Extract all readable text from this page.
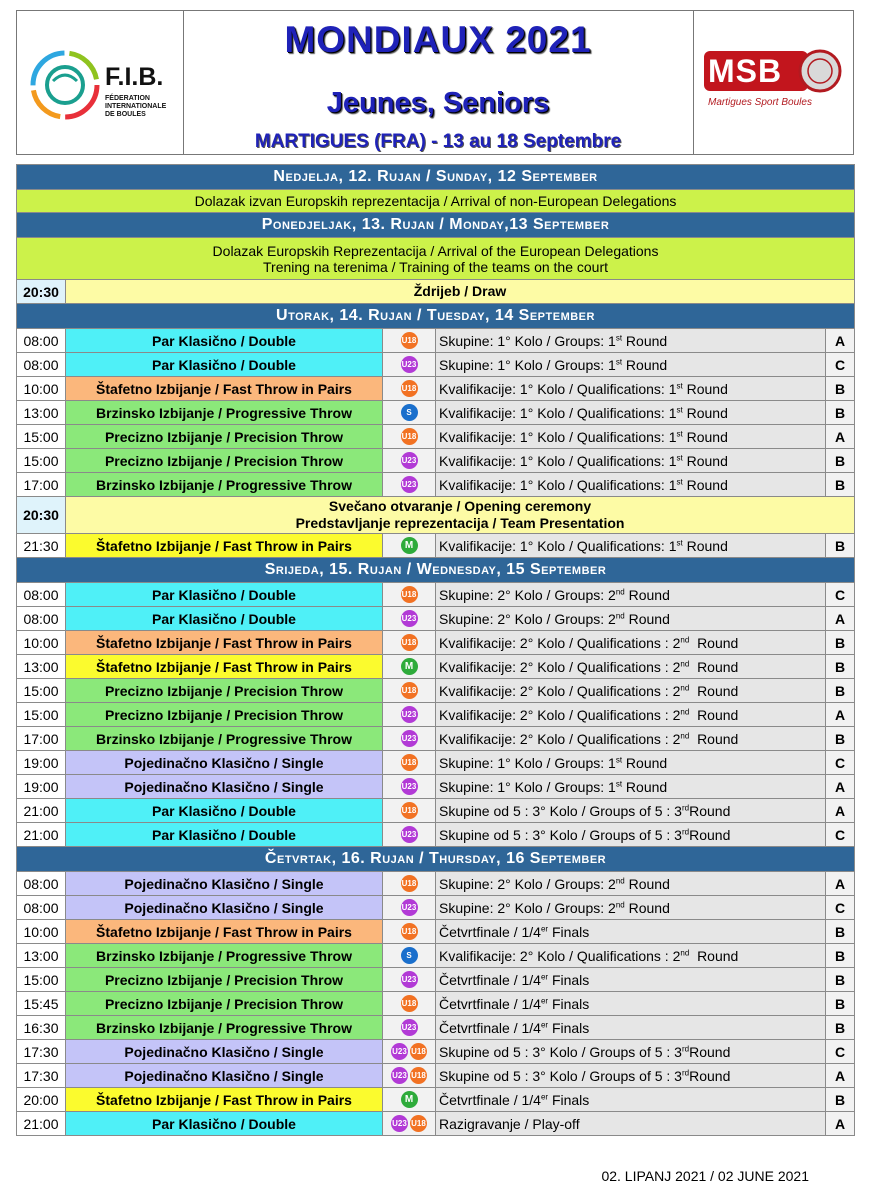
F.I.B.
FÉDERATION
INTERNATIONALE
DE BOULES
MONDIAUX 2021
Jeunes, Seniors
MARTIGUES (FRA) - 13 au 18 Septembre
MSB
Martigues Sport Boules
Nedjelja, 12. Rujan / Sunday, 12 September				

Dolazak izvan Europskih reprezentacija / Arrival of non-European Delegations				

Ponedjeljak, 13. Rujan / Monday,13 September				

Dolazak Europskih Reprezentacija / Arrival of the European Delegations
Trening na terenima / Training of the teams on the court				

20:30	Ždrijeb / Draw			

Utorak, 14. Rujan / Tuesday, 14 September				
08:00	Par Klasično / Double	U18	Skupine: 1° Kolo / Groups: 1st Round	A
08:00	Par Klasično / Double	U23	Skupine: 1° Kolo / Groups: 1st Round	C
10:00	Štafetno Izbijanje / Fast Throw in Pairs	U18	Kvalifikacije: 1° Kolo / Qualifications: 1st Round	B
13:00	Brzinsko Izbijanje / Progressive Throw	S	Kvalifikacije: 1° Kolo / Qualifications: 1st Round	B
15:00	Precizno Izbijanje / Precision Throw	U18	Kvalifikacije: 1° Kolo / Qualifications: 1st Round	A
15:00	Precizno Izbijanje / Precision Throw	U23	Kvalifikacije: 1° Kolo / Qualifications: 1st Round	B
17:00	Brzinsko Izbijanje / Progressive Throw	U23	Kvalifikacije: 1° Kolo / Qualifications: 1st Round	B
20:30	Svečano otvaranje / Opening ceremony
Predstavljanje reprezentacija / Team Presentation			

21:30	Štafetno Izbijanje / Fast Throw in Pairs	M	Kvalifikacije: 1° Kolo / Qualifications: 1st Round	B
Srijeda, 15. Rujan / Wednesday, 15 September				
08:00	Par Klasično / Double	U18	Skupine: 2° Kolo / Groups: 2nd Round	C
08:00	Par Klasično / Double	U23	Skupine: 2° Kolo / Groups: 2nd Round	A
10:00	Štafetno Izbijanje / Fast Throw in Pairs	U18	Kvalifikacije: 2° Kolo / Qualifications : 2nd  Round	B
13:00	Štafetno Izbijanje / Fast Throw in Pairs	M	Kvalifikacije: 2° Kolo / Qualifications : 2nd  Round	B
15:00	Precizno Izbijanje / Precision Throw	U18	Kvalifikacije: 2° Kolo / Qualifications : 2nd  Round	B
15:00	Precizno Izbijanje / Precision Throw	U23	Kvalifikacije: 2° Kolo / Qualifications : 2nd  Round	A
17:00	Brzinsko Izbijanje / Progressive Throw	U23	Kvalifikacije: 2° Kolo / Qualifications : 2nd  Round	B
19:00	Pojedinačno Klasično / Single	U18	Skupine: 1° Kolo / Groups: 1st Round	C
19:00	Pojedinačno Klasično / Single	U23	Skupine: 1° Kolo / Groups: 1st Round	A
21:00	Par Klasično / Double	U18	Skupine od 5 : 3° Kolo / Groups of 5 : 3rdRound	A
21:00	Par Klasično / Double	U23	Skupine od 5 : 3° Kolo / Groups of 5 : 3rdRound	C
Četvrtak, 16. Rujan / Thursday, 16 September				
08:00	Pojedinačno Klasično / Single	U18	Skupine: 2° Kolo / Groups: 2nd Round	A
08:00	Pojedinačno Klasično / Single	U23	Skupine: 2° Kolo / Groups: 2nd Round	C
10:00	Štafetno Izbijanje / Fast Throw in Pairs	U18	Četvrtfinale / 1/4er Finals	B
13:00	Brzinsko Izbijanje / Progressive Throw	S	Kvalifikacije: 2° Kolo / Qualifications : 2nd  Round	B
15:00	Precizno Izbijanje / Precision Throw	U23	Četvrtfinale / 1/4er Finals	B
15:45	Precizno Izbijanje / Precision Throw	U18	Četvrtfinale / 1/4er Finals	B
16:30	Brzinsko Izbijanje / Progressive Throw	U23	Četvrtfinale / 1/4er Finals	B
17:30	Pojedinačno Klasično / Single	U23 U18	Skupine od 5 : 3° Kolo / Groups of 5 : 3rdRound	C
17:30	Pojedinačno Klasično / Single	U23 U18	Skupine od 5 : 3° Kolo / Groups of 5 : 3rdRound	A
20:00	Štafetno Izbijanje / Fast Throw in Pairs	M	Četvrtfinale / 1/4er Finals	B
21:00	Par Klasično / Double	U23 U18	Razigravanje / Play-off	A
02. LIPANJ 2021 / 02 JUNE 2021
